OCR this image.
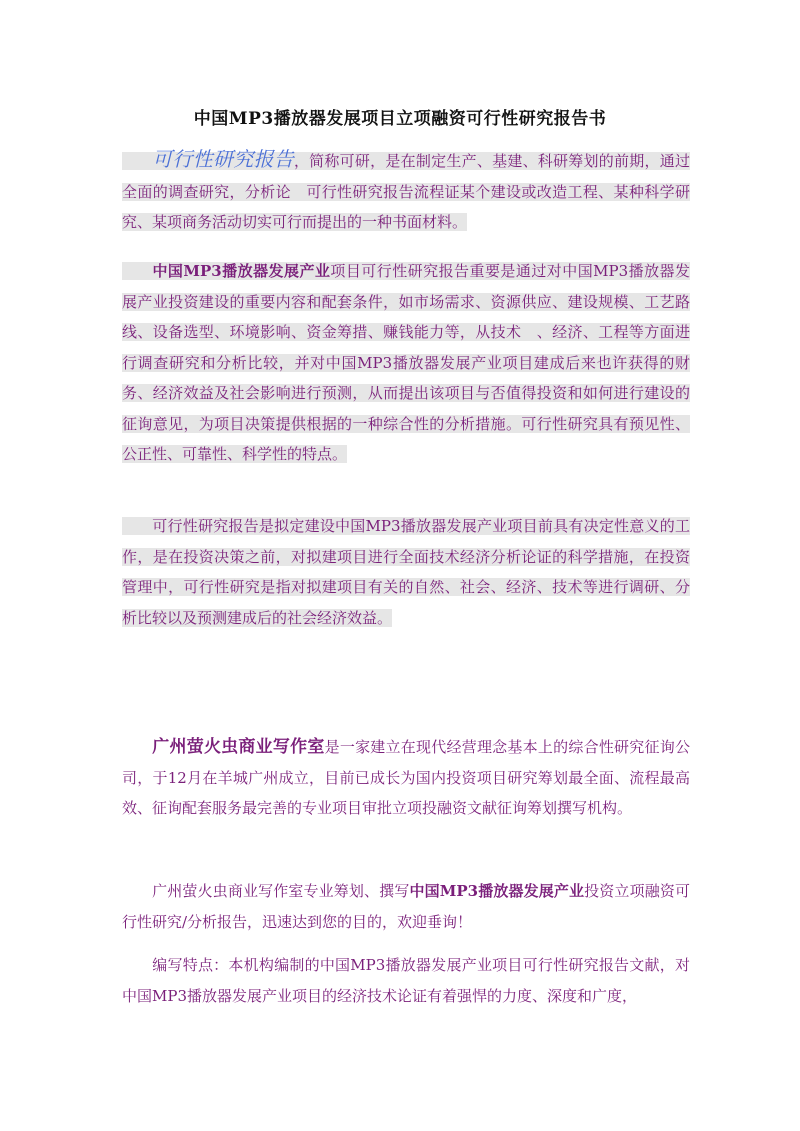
中国MP3播放器发展项目立项融资可行性研究报告书
可行性研究报告，简称可研，是在制定生产、基建、科研筹划的前期，通过全面的调查研究，分析论　可行性研究报告流程证某个建设或改造工程、某种科学研究、某项商务活动切实可行而提出的一种书面材料。
中国MP3播放器发展产业项目可行性研究报告重要是通过对中国MP3播放器发展产业投资建设的重要内容和配套条件，如市场需求、资源供应、建设规模、工艺路线、设备选型、环境影响、资金筹措、赚钱能力等，从技术　、经济、工程等方面进行调查研究和分析比较，并对中国MP3播放器发展产业项目建成后来也许获得的财务、经济效益及社会影响进行预测，从而提出该项目与否值得投资和如何进行建设的征询意见，为项目决策提供根据的一种综合性的分析措施。可行性研究具有预见性、公正性、可靠性、科学性的特点。
可行性研究报告是拟定建设中国MP3播放器发展产业项目前具有决定性意义的工作，是在投资决策之前，对拟建项目进行全面技术经济分析论证的科学措施，在投资管理中，可行性研究是指对拟建项目有关的自然、社会、经济、技术等进行调研、分析比较以及预测建成后的社会经济效益。
广州萤火虫商业写作室是一家建立在现代经营理念基本上的综合性研究征询公司，于12月在羊城广州成立，目前已成长为国内投资项目研究筹划最全面、流程最高效、征询配套服务最完善的专业项目审批立项投融资文献征询筹划撰写机构。
广州萤火虫商业写作室专业筹划、撰写中国MP3播放器发展产业投资立项融资可行性研究/分析报告，迅速达到您的目的，欢迎垂询！
编写特点：本机构编制的中国MP3播放器发展产业项目可行性研究报告文献，对中国MP3播放器发展产业项目的经济技术论证有着强悍的力度、深度和广度，
